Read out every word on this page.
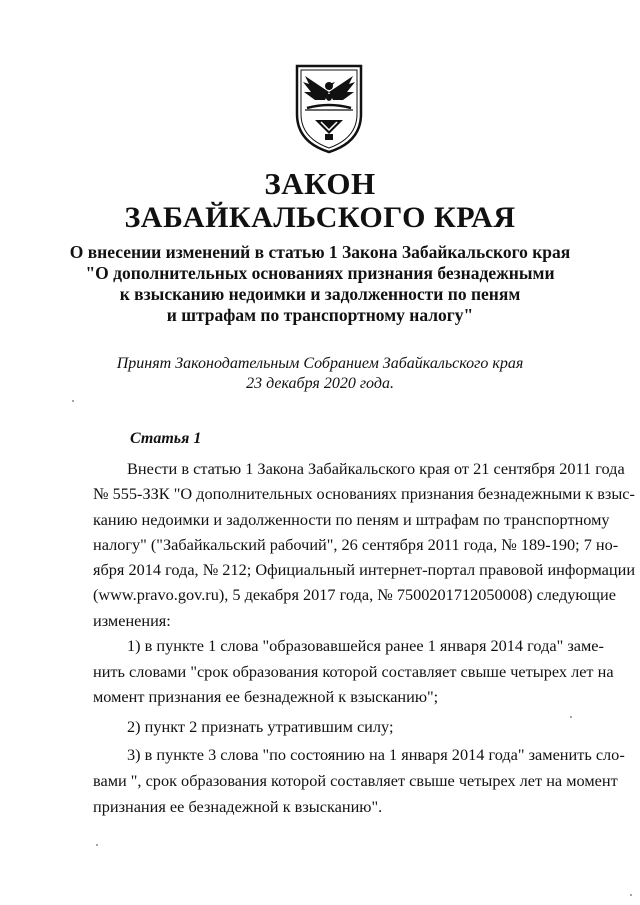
ЗАКОН
ЗАБАЙКАЛЬСКОГО КРАЯ
О внесении изменений в статью 1 Закона Забайкальского края
"О дополнительных основаниях признания безнадежными
к взысканию недоимки и задолженности по пеням
и штрафам по транспортному налогу"
Принят Законодательным Собранием Забайкальского края
23 декабря 2020 года.
Статья 1
Внести в статью 1 Закона Забайкальского края от 21 сентября 2011 года
№ 555-ЗЗК "О дополнительных основаниях признания безнадежными к взыс-
канию недоимки и задолженности по пеням и штрафам по транспортному
налогу" ("Забайкальский рабочий", 26 сентября 2011 года, № 189-190; 7 но-
ября 2014 года, № 212; Официальный интернет-портал правовой информации
(www.pravo.gov.ru), 5 декабря 2017 года, № 7500201712050008) следующие
изменения:
1) в пункте 1 слова "образовавшейся ранее 1 января 2014 года" заме-
нить словами "срок образования которой составляет свыше четырех лет на
момент признания ее безнадежной к взысканию";
2) пункт 2 признать утратившим силу;
3) в пункте 3 слова "по состоянию на 1 января 2014 года" заменить сло-
вами ", срок образования которой составляет свыше четырех лет на момент
признания ее безнадежной к взысканию".
